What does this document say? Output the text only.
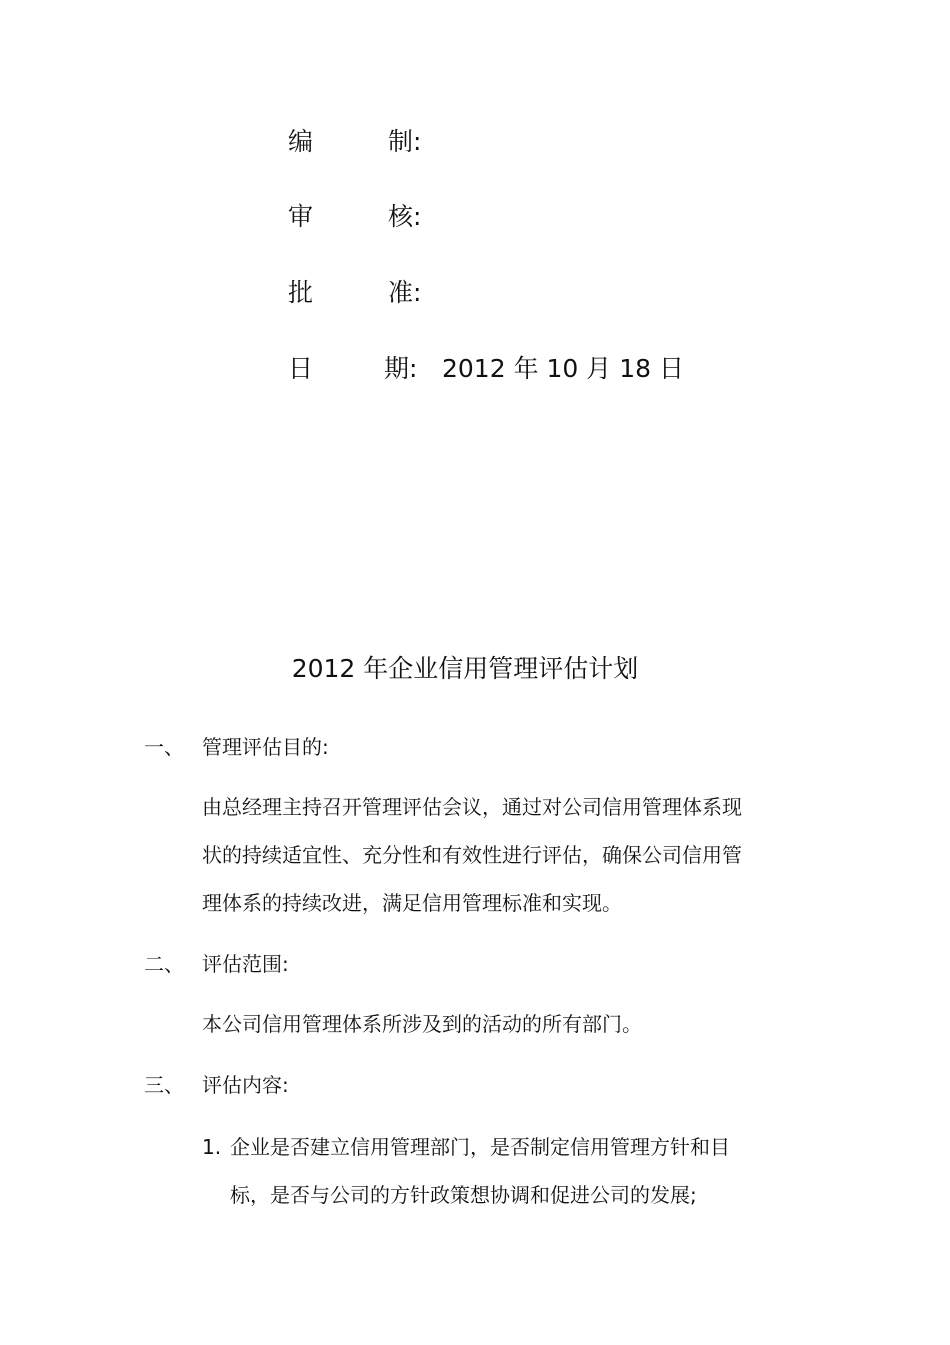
编	制:
审	核:
批	准:
日	期: 2012 年 10 月 18 日
2012 年企业信用管理评估计划
一、 管理评估目的:
由总经理主持召开管理评估会议，通过对公司信用管理体系现
状的持续适宜性、充分性和有效性进行评估，确保公司信用管
理体系的持续改进，满足信用管理标准和实现。
二、 评估范围:
本公司信用管理体系所涉及到的活动的所有部门。
三、 评估内容:
1. 企业是否建立信用管理部门，是否制定信用管理方针和目
标，是否与公司的方针政策想协调和促进公司的发展;
